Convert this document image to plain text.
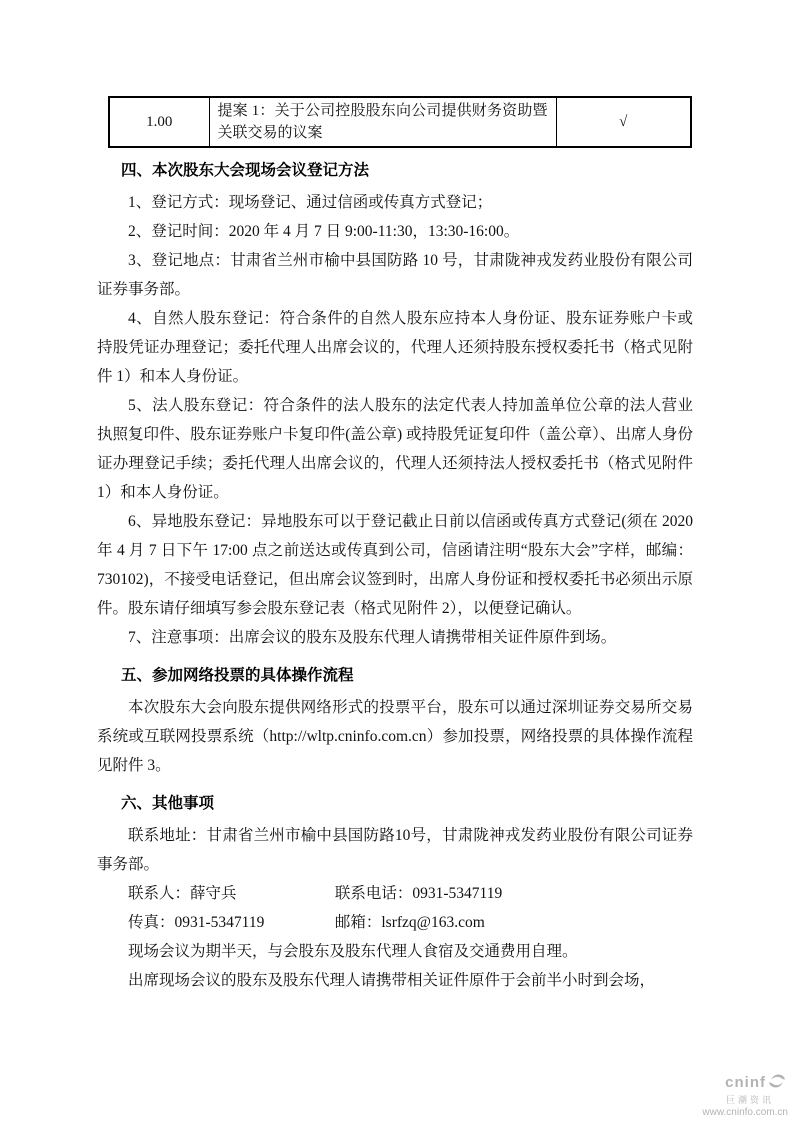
1.00	提案 1：关于公司控股股东向公司提供财务资助暨关联交易的议案	√
四、本次股东大会现场会议登记方法

1、登记方式：现场登记、通过信函或传真方式登记；

2、登记时间：2020 年 4 月 7 日 9:00-11:30，13:30-16:00。

3、登记地点：甘肃省兰州市榆中县国防路 10 号，甘肃陇神戎发药业股份有限公司证券事务部。

4、自然人股东登记：符合条件的自然人股东应持本人身份证、股东证券账户卡或持股凭证办理登记；委托代理人出席会议的，代理人还须持股东授权委托书（格式见附件 1）和本人身份证。

5、法人股东登记：符合条件的法人股东的法定代表人持加盖单位公章的法人营业执照复印件、股东证券账户卡复印件(盖公章) 或持股凭证复印件（盖公章）、出席人身份证办理登记手续；委托代理人出席会议的，代理人还须持法人授权委托书（格式见附件 1）和本人身份证。

6、异地股东登记：异地股东可以于登记截止日前以信函或传真方式登记(须在 2020 年 4 月 7 日下午 17:00 点之前送达或传真到公司，信函请注明“股东大会”字样，邮编：730102)，不接受电话登记，但出席会议签到时，出席人身份证和授权委托书必须出示原件。股东请仔细填写参会股东登记表（格式见附件 2），以便登记确认。

7、注意事项：出席会议的股东及股东代理人请携带相关证件原件到场。

五、参加网络投票的具体操作流程

本次股东大会向股东提供网络形式的投票平台，股东可以通过深圳证券交易所交易系统或互联网投票系统（http://wltp.cninfo.com.cn）参加投票，网络投票的具体操作流程见附件 3。

六、其他事项

联系地址：甘肃省兰州市榆中县国防路10号，甘肃陇神戎发药业股份有限公司证券事务部。

联系人：薛守兵	联系电话：0931-5347119

传真：0931-5347119	邮箱：lsrfzq@163.com

现场会议为期半天，与会股东及股东代理人食宿及交通费用自理。

出席现场会议的股东及股东代理人请携带相关证件原件于会前半小时到会场，

cninf
巨潮资讯
www.cninfo.com.cn
